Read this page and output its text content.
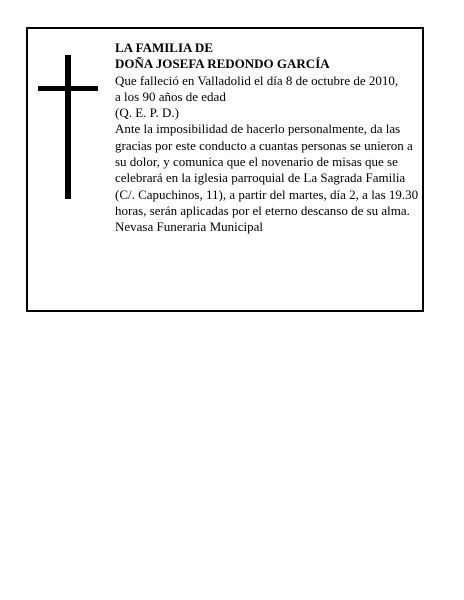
LA FAMILIA DE

DOÑA JOSEFA REDONDO GARCÍA

Que falleció en Valladolid el día 8 de octubre de 2010,

a los 90 años de edad

(Q. E. P. D.)

Ante la imposibilidad de hacerlo personalmente, da las gracias por este conducto a cuantas personas se unieron a su dolor, y comunica que el novenario de misas que se celebrará en la iglesia parroquial de La Sagrada Familia (C/. Capuchinos, 11), a partir del martes, día 2, a las 19.30 horas, serán aplicadas por el eterno descanso de su alma.

Nevasa Funeraria Municipal
